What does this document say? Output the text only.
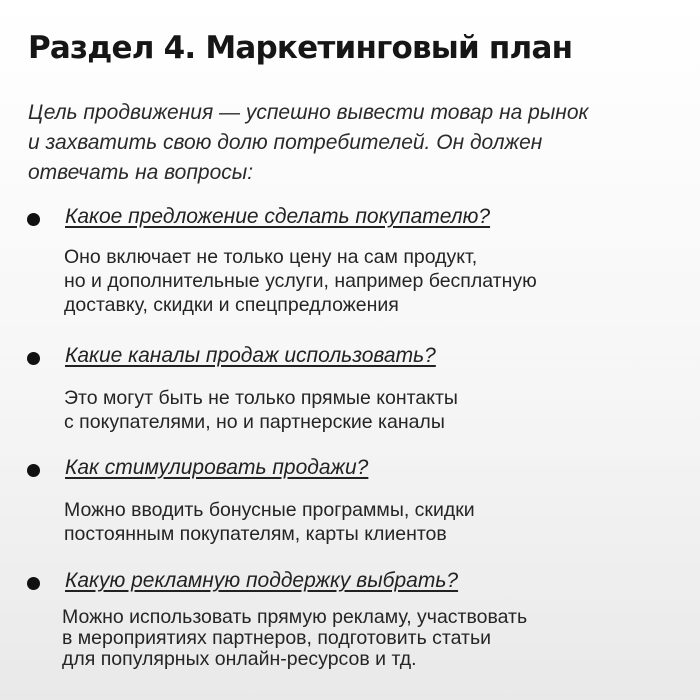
Раздел 4. Маркетинговый план
Цель продвижения — успешно вывести товар на рынок
и захватить свою долю потребителей. Он должен
отвечать на вопросы:
Какое предложение сделать покупателю?
Оно включает не только цену на сам продукт,
но и дополнительные услуги, например бесплатную
доставку, скидки и спецпредложения
Какие каналы продаж использовать?
Это могут быть не только прямые контакты
с покупателями, но и партнерские каналы
Как стимулировать продажи?
Можно вводить бонусные программы, скидки
постоянным покупателям, карты клиентов
Какую рекламную поддержку выбрать?
Можно использовать прямую рекламу, участвовать
в мероприятиях партнеров, подготовить статьи
для популярных онлайн-ресурсов и тд.
